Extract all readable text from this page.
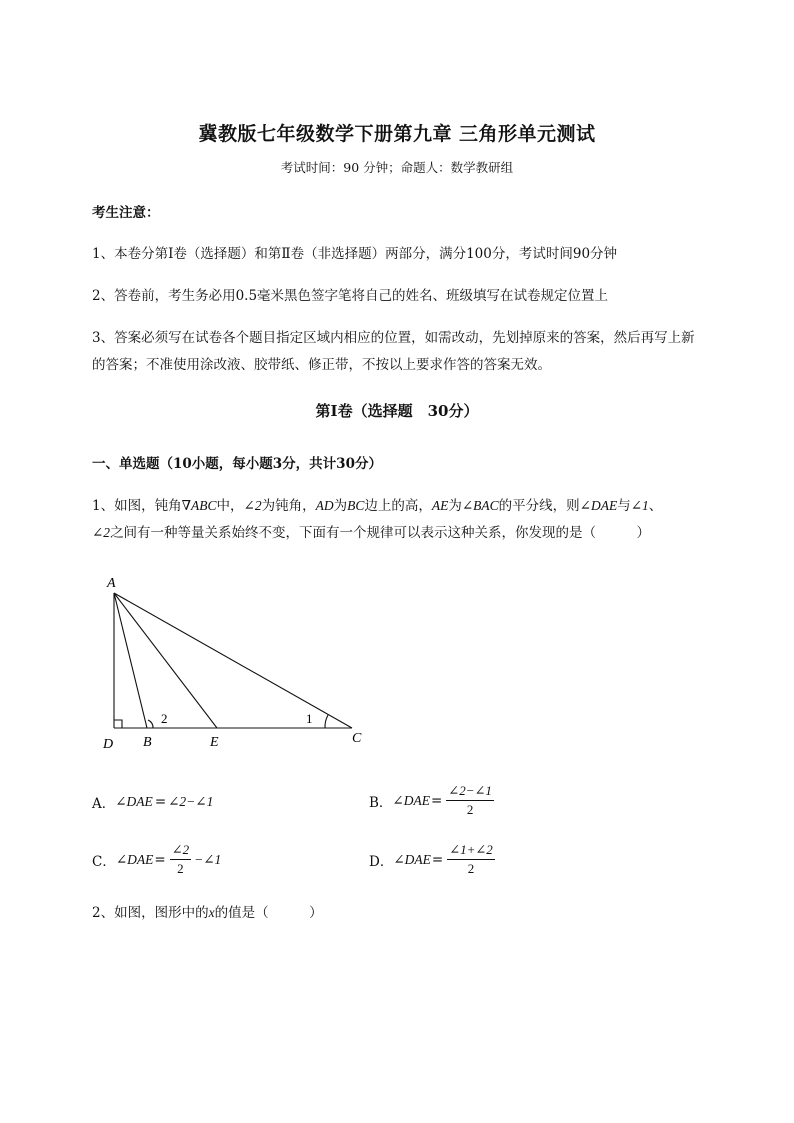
冀教版七年级数学下册第九章 三角形单元测试
考试时间：90 分钟；命题人：数学教研组
考生注意：
1、本卷分第Ⅰ卷（选择题）和第Ⅱ卷（非选择题）两部分，满分100分，考试时间90分钟
2、答卷前，考生务必用0.5毫米黑色签字笔将自己的姓名、班级填写在试卷规定位置上
3、答案必须写在试卷各个题目指定区域内相应的位置，如需改动，先划掉原来的答案，然后再写上新
的答案；不准使用涂改液、胶带纸、修正带，不按以上要求作答的答案无效。
第Ⅰ卷（选择题　30分）
一、单选题（10小题，每小题3分，共计30分）
1、如图，钝角∇ABC中，∠2为钝角，AD为BC边上的高，AE为∠BAC的平分线，则∠DAE与∠1、
∠2之间有一种等量关系始终不变，下面有一个规律可以表示这种关系，你发现的是（　　　）
A
D B	E	C
2	1
A． ∠DAE = ∠2−∠1	B． ∠DAE = $\frac{\angle 2-\angle 1}{2}$
C． ∠DAE = $\frac{\angle 2}{2}$ −∠1	D． ∠DAE = $\frac{\angle 1+\angle 2}{2}$
2、如图，图形中的x的值是（　　　）
